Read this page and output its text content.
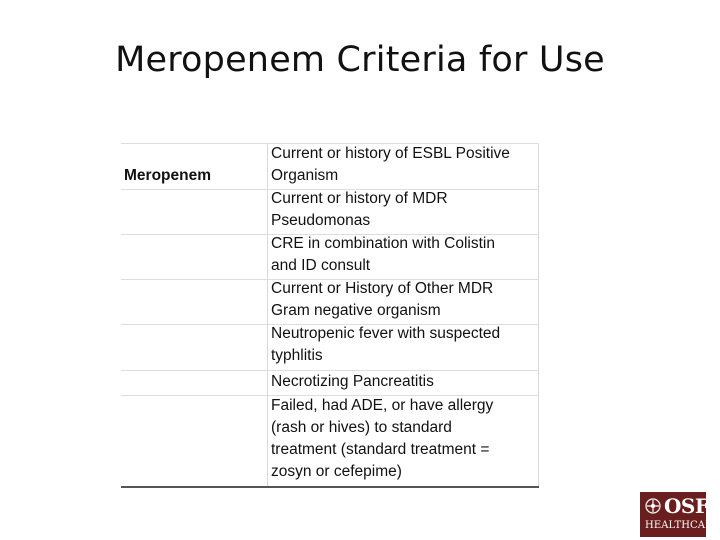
Meropenem Criteria for Use
Meropenem
Current or history of ESBL Positive
Organism
Current or history of MDR
Pseudomonas
CRE in combination with Colistin
and ID consult
Current or History of Other MDR
Gram negative organism
Neutropenic fever with suspected
typhlitis
Necrotizing Pancreatitis
Failed, had ADE, or have allergy
(rash or hives) to standard
treatment (standard treatment =
zosyn or cefepime)
OSF
HEALTHCARE
